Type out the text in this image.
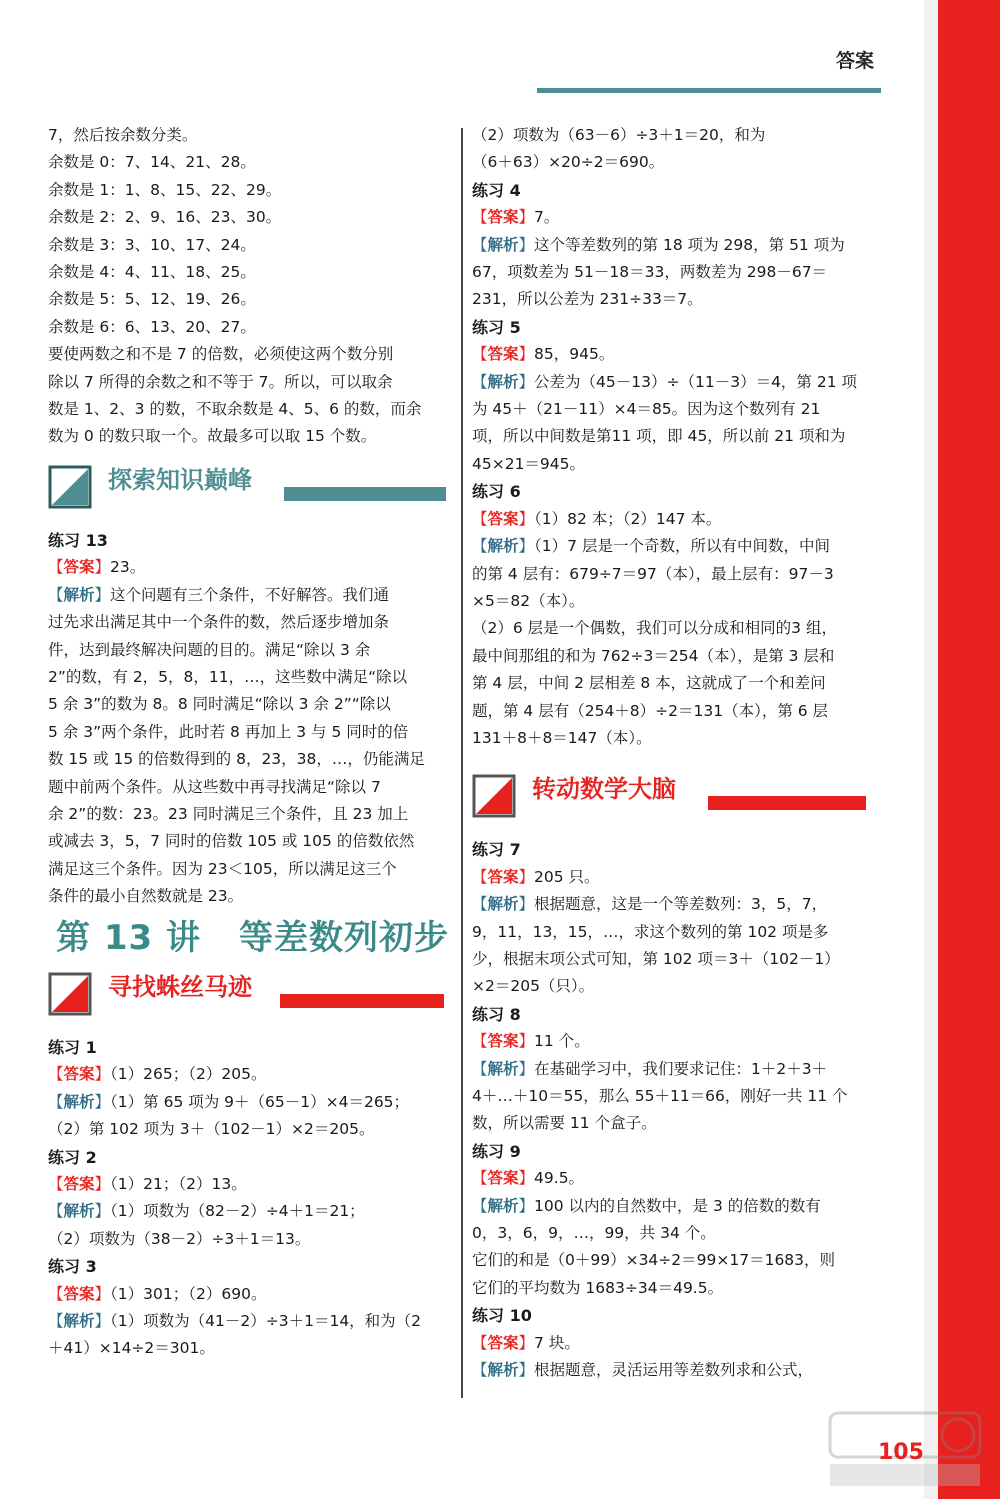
答案
7，然后按余数分类。
余数是 0：7、14、21、28。
余数是 1：1、8、15、22、29。
余数是 2：2、9、16、23、30。
余数是 3：3、10、17、24。
余数是 4：4、11、18、25。
余数是 5：5、12、19、26。
余数是 6：6、13、20、27。
要使两数之和不是 7 的倍数，必须使这两个数分别
除以 7 所得的余数之和不等于 7。所以，可以取余
数是 1、2、3 的数，不取余数是 4、5、6 的数，而余
数为 0 的数只取一个。故最多可以取 15 个数。
探索知识巅峰
练习 13
【答案】23。
【解析】这个问题有三个条件，不好解答。我们通
过先求出满足其中一个条件的数，然后逐步增加条
件，达到最终解决问题的目的。满足“除以 3 余
2”的数，有 2，5，8，11，…，这些数中满足“除以
5 余 3”的数为 8。8 同时满足“除以 3 余 2”“除以
5 余 3”两个条件，此时若 8 再加上 3 与 5 同时的倍
数 15 或 15 的倍数得到的 8，23，38，…，仍能满足
题中前两个条件。从这些数中再寻找满足“除以 7
余 2”的数：23。23 同时满足三个条件，且 23 加上
或减去 3，5，7 同时的倍数 105 或 105 的倍数依然
满足这三个条件。因为 23＜105，所以满足这三个
条件的最小自然数就是 23。
第 13 讲 等差数列初步
寻找蛛丝马迹
练习 1
【答案】（1）265；（2）205。
【解析】（1）第 65 项为 9＋（65－1）×4＝265；
（2）第 102 项为 3＋（102－1）×2＝205。
练习 2
【答案】（1）21；（2）13。
【解析】（1）项数为（82－2）÷4＋1＝21；
（2）项数为（38－2）÷3＋1＝13。
练习 3
【答案】（1）301；（2）690。
【解析】（1）项数为（41－2）÷3＋1＝14，和为（2
＋41）×14÷2＝301。
（2）项数为（63－6）÷3＋1＝20，和为
（6＋63）×20÷2＝690。
练习 4
【答案】7。
【解析】这个等差数列的第 18 项为 298，第 51 项为
67，项数差为 51－18＝33，两数差为 298－67＝
231，所以公差为 231÷33＝7。
练习 5
【答案】85，945。
【解析】公差为（45－13）÷（11－3）＝4，第 21 项
为 45＋（21－11）×4＝85。因为这个数列有 21
项，所以中间数是第11 项，即 45，所以前 21 项和为
45×21＝945。
练习 6
【答案】（1）82 本；（2）147 本。
【解析】（1）7 层是一个奇数，所以有中间数，中间
的第 4 层有：679÷7＝97（本），最上层有：97－3
×5＝82（本）。
（2）6 层是一个偶数，我们可以分成和相同的3 组，
最中间那组的和为 762÷3＝254（本），是第 3 层和
第 4 层，中间 2 层相差 8 本，这就成了一个和差问
题，第 4 层有（254＋8）÷2＝131（本），第 6 层
131＋8＋8＝147（本）。
转动数学大脑
练习 7
【答案】205 只。
【解析】根据题意，这是一个等差数列：3，5，7，
9，11，13，15，…，求这个数列的第 102 项是多
少，根据末项公式可知，第 102 项＝3＋（102－1）
×2＝205（只）。
练习 8
【答案】11 个。
【解析】在基础学习中，我们要求记住：1＋2＋3＋
4＋…＋10＝55，那么 55＋11＝66，刚好一共 11 个
数，所以需要 11 个盒子。
练习 9
【答案】49.5。
【解析】100 以内的自然数中，是 3 的倍数的数有
0，3，6，9，…，99，共 34 个。
它们的和是（0＋99）×34÷2＝99×17＝1683，则
它们的平均数为 1683÷34＝49.5。
练习 10
【答案】7 块。
【解析】根据题意，灵活运用等差数列求和公式，
105
